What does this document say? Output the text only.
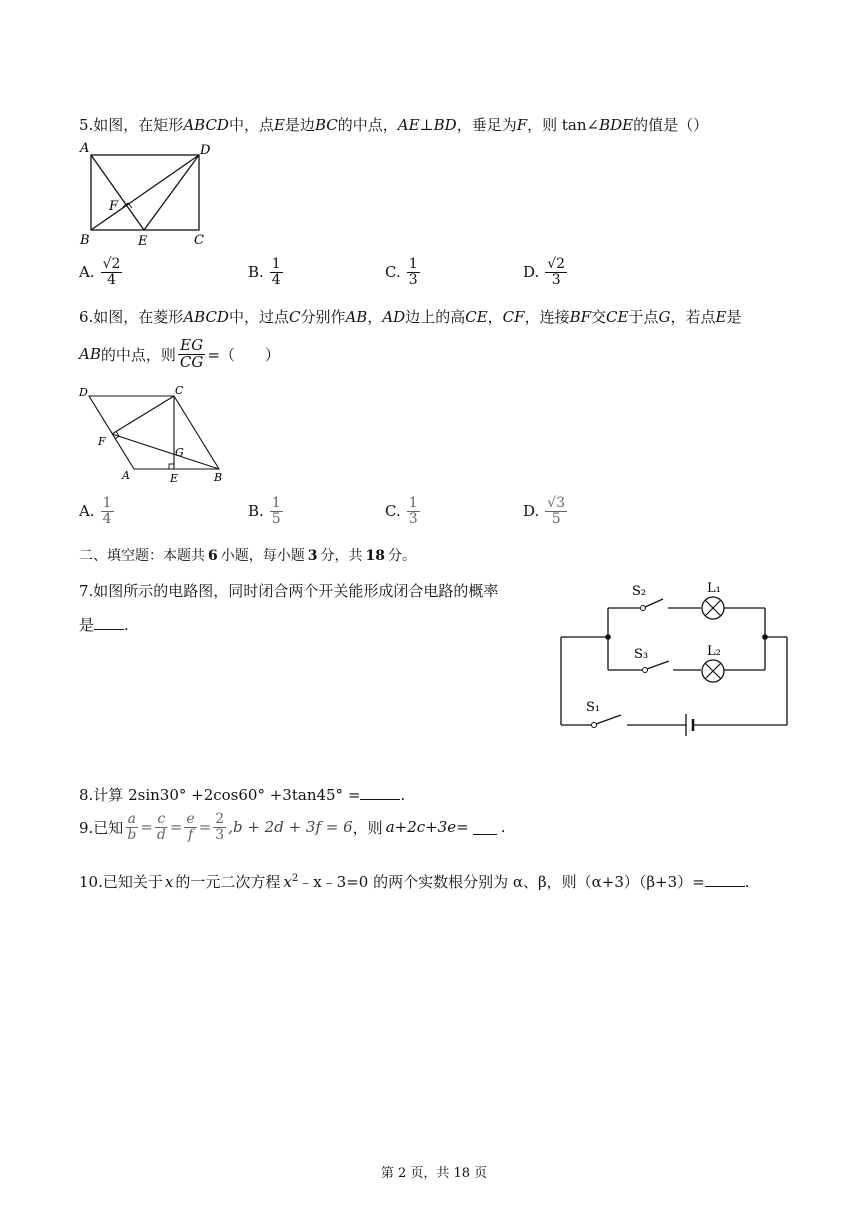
5.如图，在矩形ABCD中，点E是边BC的中点，AE⊥BD，垂足为F，则 tan∠BDE的值是（）
A	D
F
B	E	C
A. $\frac{√2}{4}$	B. $\frac{1}{4}$	C. $\frac{1}{3}$	D. $\frac{√2}{3}$
6.如图，在菱形ABCD中，过点C分别作AB，AD边上的高CE，CF，连接BF交CE于点G，若点E是
AB 的中点，则 $\frac{EG}{CG}$ =（　　）
D	C
F
G
A	E	B
A. $\frac{1}{4}$	B. $\frac{1}{5}$	C. $\frac{1}{3}$	D. $\frac{√3}{5}$
二、填空题：本题共 6 小题，每小题 3 分，共 18 分。
7.如图所示的电路图，同时闭合两个开关能形成闭合电路的概率
是 .
S₂	L₁
S₃	L₂
S₁
8.计算 2sin30° +2cos60° +3tan45° =	.
9.已知 $\frac{a}{b} = \frac{c}{d} = \frac{e}{f} = \frac{2}{3} ,b + 2d + 3f = 6$ ，则 a+2c+3e = .
10.已知关于 x 的一元二次方程 $x^2﹣x﹣3=0$ 的两个实数根分别为 α、β，则（α+3）（β+3）=	.
第 2 页，共 18 页
